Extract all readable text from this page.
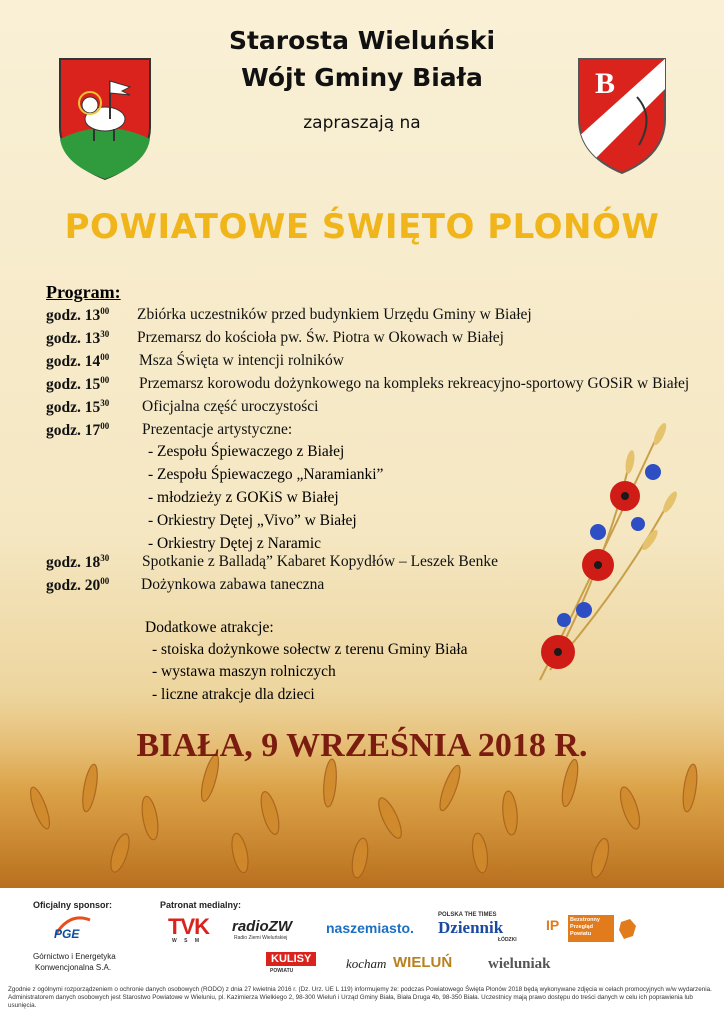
Starosta Wieluński
Wójt Gminy Biała
zapraszają na
B
POWIATOWE ŚWIĘTO PLONÓW
Program:
godz. $13^{00}$ Zbiórka uczestników przed budynkiem Urzędu Gminy w Białej
godz. $13^{30}$ Przemarsz do kościoła pw. Św. Piotra w Okowach w Białej
godz. $14^{00}$ Msza Święta w intencji rolników
godz. $15^{00}$ Przemarsz korowodu dożynkowego na kompleks rekreacyjno-sportowy GOSiR w Białej
godz. $15^{30}$ Oficjalna część uroczystości
godz. $17^{00}$ Prezentacje artystyczne:
godz. $18^{30}$ Spotkanie z Balladą” Kabaret Kopydłów – Leszek Benke
godz. $20^{00}$ Dożynkowa zabawa taneczna
- Zespołu Śpiewaczego z Białej
- Zespołu Śpiewaczego „Naramianki”
- młodzieży z GOKiS w Białej
- Orkiestry Dętej „Vivo” w Białej
- Orkiestry Dętej z Naramic
Dodatkowe atrakcje:
- stoiska dożynkowe sołectw z terenu Gminy Biała
- wystawa maszyn rolniczych
- liczne atrakcje dla dzieci
BIAŁA, 9 WRZEŚNIA 2018 R.
Oficjalny sponsor:
PGE
Górnictwo i Energetyka
Konwencjonalna S.A.
Patronat medialny:
TVK
W S M
radioZW
Radio Ziemi Wieluńskiej
naszemiasto.
POLSKA THE TIMES
Dziennik
ŁÓDZKI
IP	Bezstronny Przegląd Powiatu
KULISY
POWIATU	kocham WIELUŃ wieluniak
Zgodnie z ogólnymi rozporządzeniem o ochronie danych osobowych (RODO) z dnia 27 kwietnia 2016 r. (Dz. Urz. UE L 119) informujemy że: podczas Powiatowego Święta Plonów 2018 będą wykonywane zdjęcia w celach promocyjnych w/w wydarzenia. Administratorem danych osobowych jest Starostwo Powiatowe w Wieluniu, pl. Kazimierza Wielkiego 2, 98-300 Wieluń i Urząd Gminy Biała, Biała Druga 4b, 98-350 Biała. Uczestnicy mają prawo dostępu do treści danych w celu ich poprawienia lub usunięcia.
